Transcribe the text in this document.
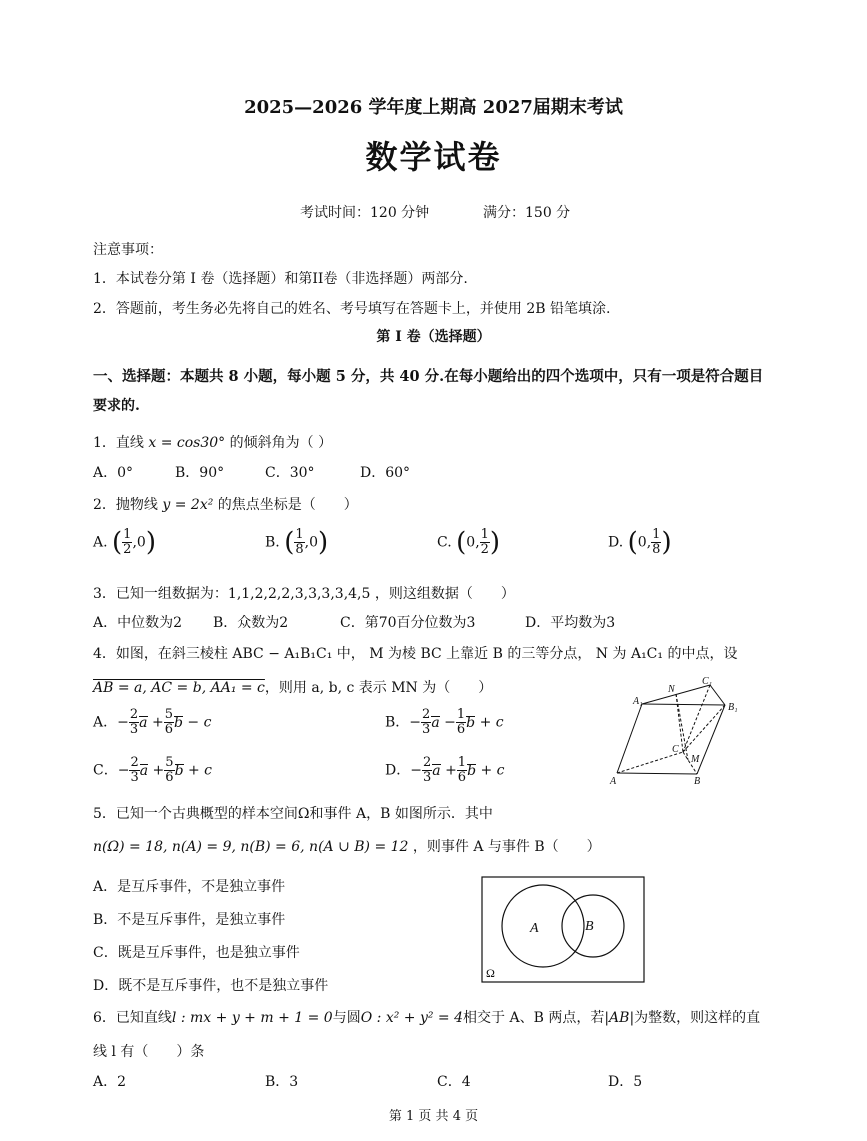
2025—2026 学年度上期高 2027届期末考试
数学试卷
考试时间：120 分钟	满分：150 分
注意事项：
1．本试卷分第 I 卷（选择题）和第II卷（非选择题）两部分.
2．答题前，考生务必先将自己的姓名、考号填写在答题卡上，并使用 2B 铅笔填涂.
第 I 卷（选择题）
一、选择题：本题共 8 小题，每小题 5 分，共 40 分.在每小题给出的四个选项中，只有一项是符合题目
要求的.
1．直线 x = cos30° 的倾斜角为（ ）
A．0°	B．90°	C．30°	D．60°
2．抛物线 y = 2x² 的焦点坐标是（　　）
A. ( $\frac{1}{2} ,0$)	B. ( $\frac{1}{8} ,0$)	C. (0, $\frac{1}{2}$ )	D. (0, $\frac{1}{8}$ )
3．已知一组数据为：1,1,2,2,2,3,3,3,3,4,5 ，则这组数据（　　）
A．中位数为2 B．众数为2	C．第70百分位数为3	D．平均数为3
4．如图，在斜三棱柱 ABC − A₁B₁C₁ 中， M 为棱 BC 上靠近 B 的三等分点， N 为 A₁C₁ 的中点，设
AB = a, AC = b, AA₁ = c，则用 a, b, c 表示 MN 为（　　）
A．− $\frac{2}{3}$ $a + \frac{5}{6}$ b − c	B．− $\frac{2}{3}$ $a - \frac{1}{6}$ b + c
C．− $\frac{2}{3}$ $a + \frac{5}{6}$ b + c	D．− $\frac{2}{3}$ $a + \frac{1}{6}$ b + c
A₁
N
C₁
B₁
C
M
A	B
5．已知一个古典概型的样本空间Ω和事件 A，B 如图所示．其中
n(Ω) = 18, n(A) = 9, n(B) = 6, n(A ∪ B) = 12 ，则事件 A 与事件 B（　　）
A．是互斥事件，不是独立事件
B．不是互斥事件，是独立事件
C．既是互斥事件，也是独立事件
D．既不是互斥事件，也不是独立事件
A	B
Ω
6．已知直线l : mx + y + m + 1 = 0与圆O : x² + y² = 4相交于 A、B 两点，若|AB|为整数，则这样的直
线 l 有（　　）条
A．2	B．3	C．4	D．5
第 1 页 共 4 页
